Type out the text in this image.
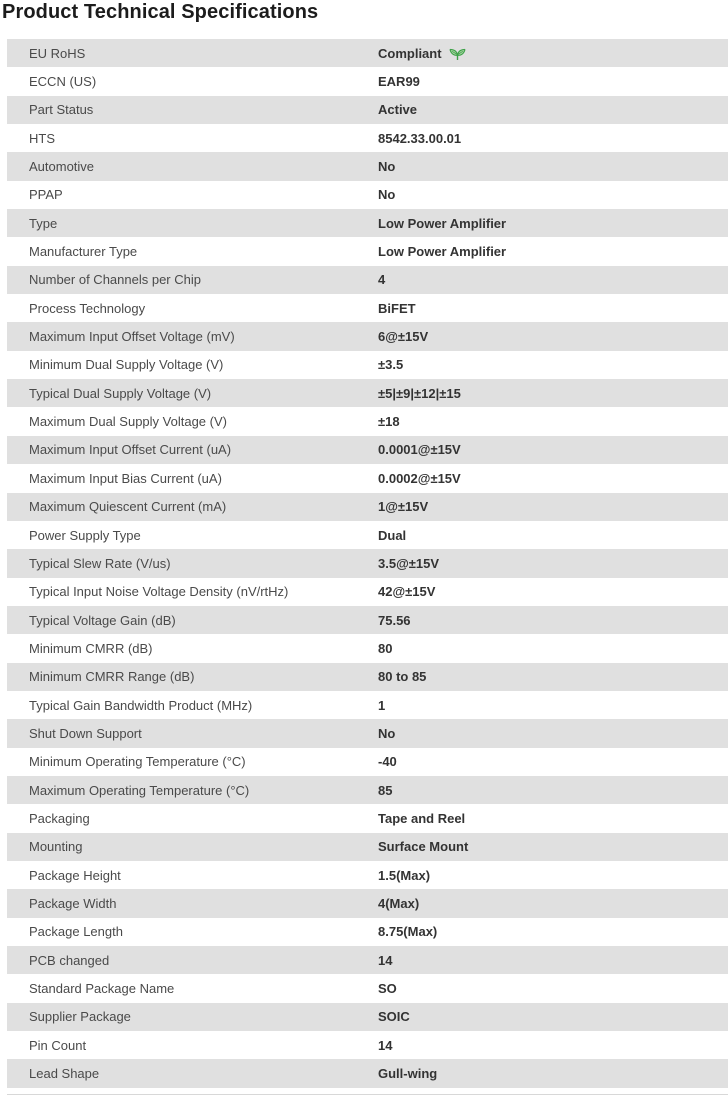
Product Technical Specifications
EU RoHS	Compliant
ECCN (US)	EAR99
Part Status	Active
HTS	8542.33.00.01
Automotive	No
PPAP	No
Type	Low Power Amplifier
Manufacturer Type	Low Power Amplifier
Number of Channels per Chip	4
Process Technology	BiFET
Maximum Input Offset Voltage (mV)	6@±15V
Minimum Dual Supply Voltage (V)	±3.5
Typical Dual Supply Voltage (V)	±5|±9|±12|±15
Maximum Dual Supply Voltage (V)	±18
Maximum Input Offset Current (uA)	0.0001@±15V
Maximum Input Bias Current (uA)	0.0002@±15V
Maximum Quiescent Current (mA)	1@±15V
Power Supply Type	Dual
Typical Slew Rate (V/us)	3.5@±15V
Typical Input Noise Voltage Density (nV/rtHz)	42@±15V
Typical Voltage Gain (dB)	75.56
Minimum CMRR (dB)	80
Minimum CMRR Range (dB)	80 to 85
Typical Gain Bandwidth Product (MHz)	1
Shut Down Support	No
Minimum Operating Temperature (°C)	-40
Maximum Operating Temperature (°C)	85
Packaging	Tape and Reel
Mounting	Surface Mount
Package Height	1.5(Max)
Package Width	4(Max)
Package Length	8.75(Max)
PCB changed	14
Standard Package Name	SO
Supplier Package	SOIC
Pin Count	14
Lead Shape	Gull-wing
